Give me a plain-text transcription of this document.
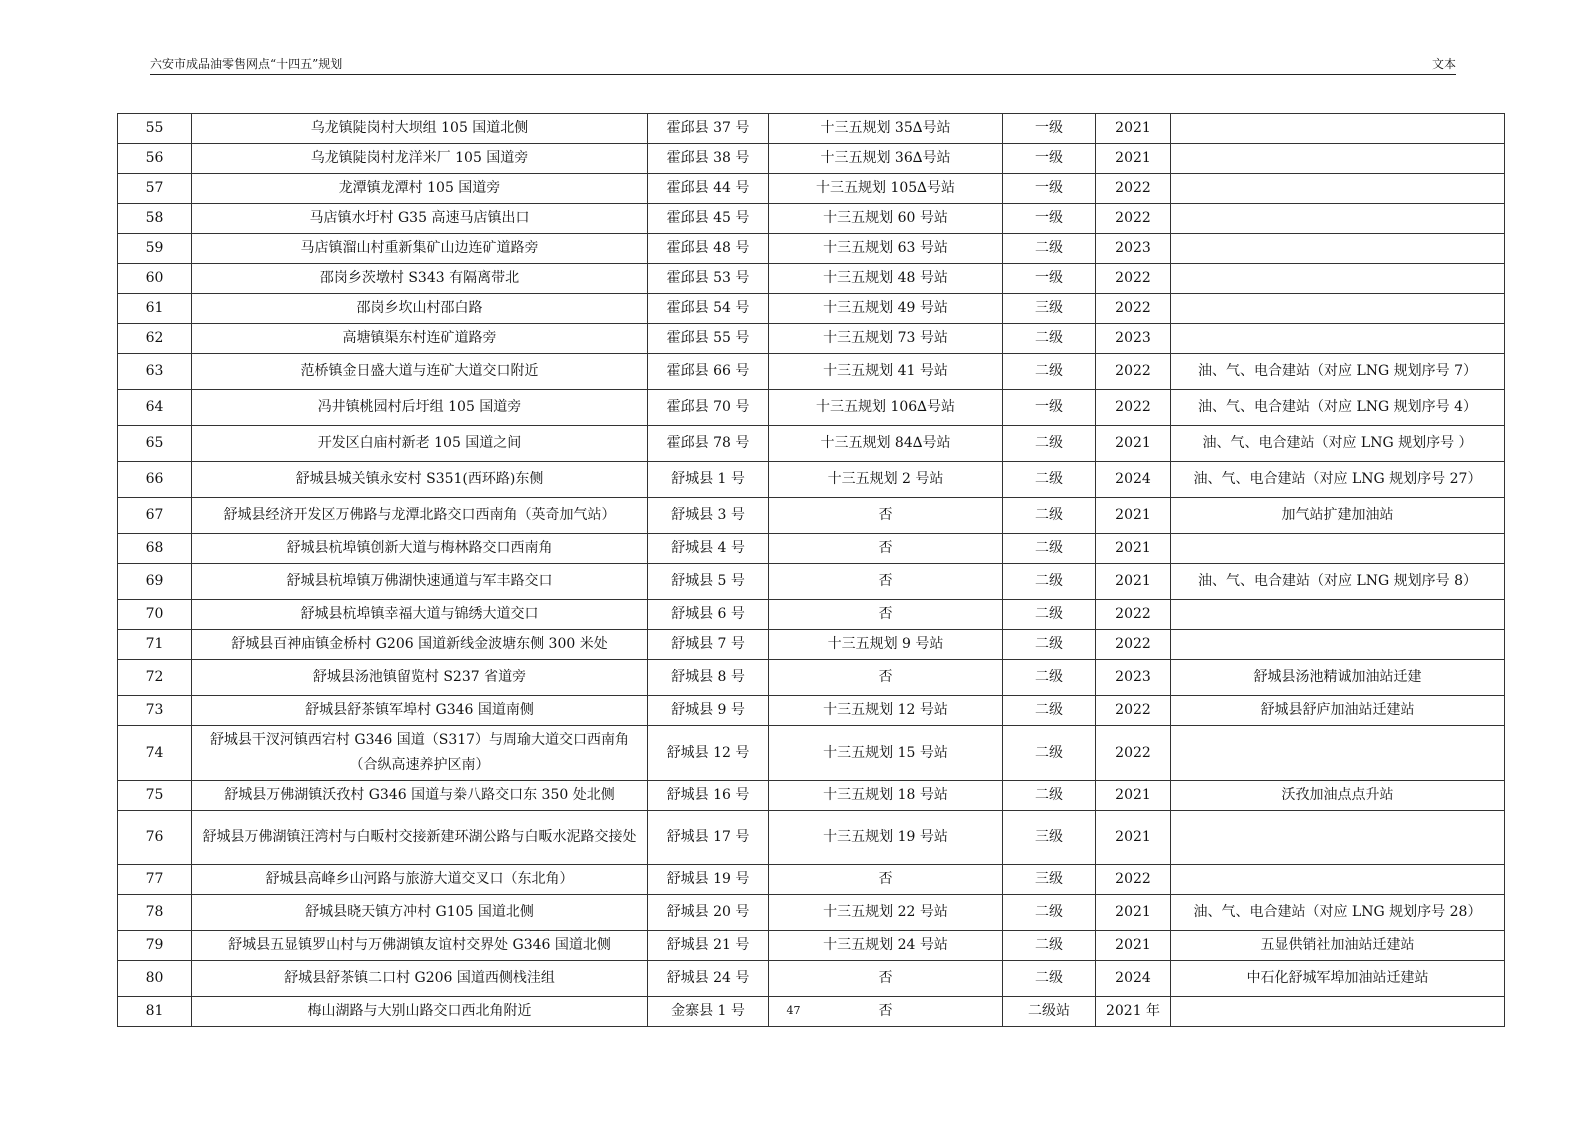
六安市成品油零售网点“十四五”规划	文本
55	乌龙镇陡岗村大坝组 105 国道北侧	霍邱县 37 号	十三五规划 35∆号站	一级	2021	
56	乌龙镇陡岗村龙洋米厂 105 国道旁	霍邱县 38 号	十三五规划 36∆号站	一级	2021	
57	龙潭镇龙潭村 105 国道旁	霍邱县 44 号	十三五规划 105∆号站	一级	2022	
58	马店镇水圩村 G35 高速马店镇出口	霍邱县 45 号	十三五规划 60 号站	一级	2022	
59	马店镇溜山村重新集矿山边连矿道路旁	霍邱县 48 号	十三五规划 63 号站	二级	2023	
60	邵岗乡茨墩村 S343 有隔离带北	霍邱县 53 号	十三五规划 48 号站	一级	2022	
61	邵岗乡坎山村邵白路	霍邱县 54 号	十三五规划 49 号站	三级	2022	
62	高塘镇渠东村连矿道路旁	霍邱县 55 号	十三五规划 73 号站	二级	2023	
63	范桥镇金日盛大道与连矿大道交口附近	霍邱县 66 号	十三五规划 41 号站	二级	2022	油、气、电合建站（对应 LNG 规划序号 7）
64	冯井镇桃园村后圩组 105 国道旁	霍邱县 70 号	十三五规划 106∆号站	一级	2022	油、气、电合建站（对应 LNG 规划序号 4）
65	开发区白庙村新老 105 国道之间	霍邱县 78 号	十三五规划 84∆号站	二级	2021	油、气、电合建站（对应 LNG 规划序号 ）
66	舒城县城关镇永安村 S351(西环路)东侧	舒城县 1 号	十三五规划 2 号站	二级	2024	油、气、电合建站（对应 LNG 规划序号 27）
67	舒城县经济开发区万佛路与龙潭北路交口西南角（英奇加气站）	舒城县 3 号	否	二级	2021	加气站扩建加油站
68	舒城县杭埠镇创新大道与梅林路交口西南角	舒城县 4 号	否	二级	2021	
69	舒城县杭埠镇万佛湖快速通道与军丰路交口	舒城县 5 号	否	二级	2021	油、气、电合建站（对应 LNG 规划序号 8）
70	舒城县杭埠镇幸福大道与锦绣大道交口	舒城县 6 号	否	二级	2022	
71	舒城县百神庙镇金桥村 G206 国道新线金波塘东侧 300 米处	舒城县 7 号	十三五规划 9 号站	二级	2022	
72	舒城县汤池镇留览村 S237 省道旁	舒城县 8 号	否	二级	2023	舒城县汤池精诚加油站迁建
73	舒城县舒茶镇军埠村 G346 国道南侧	舒城县 9 号	十三五规划 12 号站	二级	2022	舒城县舒庐加油站迁建站
74	舒城县干汊河镇西宕村 G346 国道（S317）与周瑜大道交口西南角（合纵高速养护区南）	舒城县 12 号	十三五规划 15 号站	二级	2022	
75	舒城县万佛湖镇沃孜村 G346 国道与桊八路交口东 350 处北侧	舒城县 16 号	十三五规划 18 号站	二级	2021	沃孜加油点点升站
76	舒城县万佛湖镇汪湾村与白畈村交接新建环湖公路与白畈水泥路交接处	舒城县 17 号	十三五规划 19 号站	三级	2021	
77	舒城县高峰乡山河路与旅游大道交叉口（东北角）	舒城县 19 号	否	三级	2022	
78	舒城县晓天镇方冲村 G105 国道北侧	舒城县 20 号	十三五规划 22 号站	二级	2021	油、气、电合建站（对应 LNG 规划序号 28）
79	舒城县五显镇罗山村与万佛湖镇友谊村交界处 G346 国道北侧	舒城县 21 号	十三五规划 24 号站	二级	2021	五显供销社加油站迁建站
80	舒城县舒茶镇二口村 G206 国道西侧栈洼组	舒城县 24 号	否	二级	2024	中石化舒城军埠加油站迁建站
81	梅山湖路与大别山路交口西北角附近	金寨县 1 号	否	二级站	2021 年	
47
